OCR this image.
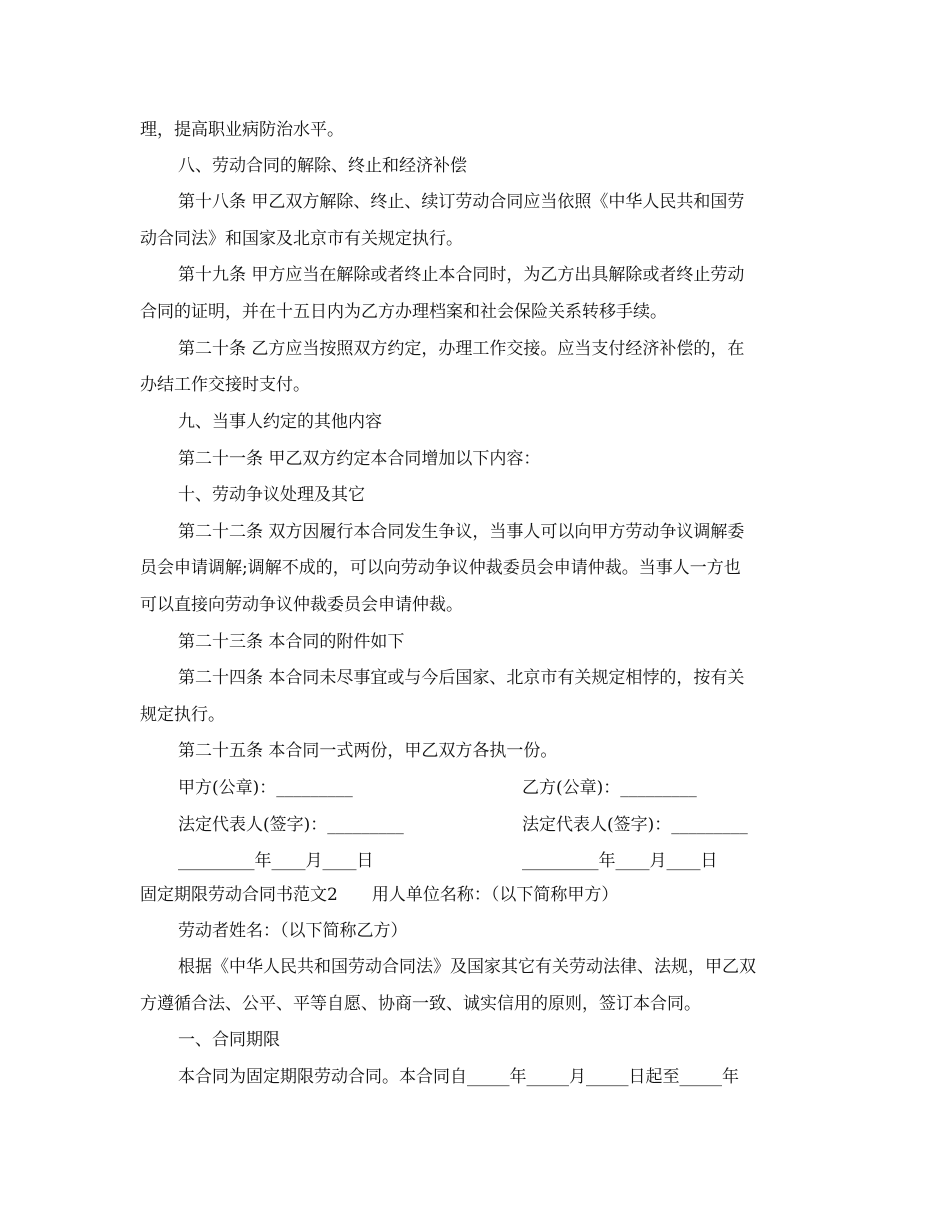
理，提高职业病防治水平。
八、劳动合同的解除、终止和经济补偿
第十八条 甲乙双方解除、终止、续订劳动合同应当依照《中华人民共和国劳
动合同法》和国家及北京市有关规定执行。
第十九条 甲方应当在解除或者终止本合同时，为乙方出具解除或者终止劳动
合同的证明，并在十五日内为乙方办理档案和社会保险关系转移手续。
第二十条 乙方应当按照双方约定，办理工作交接。应当支付经济补偿的，在
办结工作交接时支付。
九、当事人约定的其他内容
第二十一条 甲乙双方约定本合同增加以下内容：
十、劳动争议处理及其它
第二十二条 双方因履行本合同发生争议，当事人可以向甲方劳动争议调解委
员会申请调解;调解不成的，可以向劳动争议仲裁委员会申请仲裁。当事人一方也
可以直接向劳动争议仲裁委员会申请仲裁。
第二十三条 本合同的附件如下
第二十四条 本合同未尽事宜或与今后国家、北京市有关规定相悖的，按有关
规定执行。
第二十五条 本合同一式两份，甲乙双方各执一份。
甲方(公章)：_________	乙方(公章)：_________
法定代表人(签字)：_________	法定代表人(签字)：_________
_________年____月____日	_________年____月____日
固定期限劳动合同书范文2　　用人单位名称：（以下简称甲方）
劳动者姓名：（以下简称乙方）
根据《中华人民共和国劳动合同法》及国家其它有关劳动法律、法规，甲乙双
方遵循合法、公平、平等自愿、协商一致、诚实信用的原则，签订本合同。
一、合同期限
本合同为固定期限劳动合同。本合同自_____年_____月_____日起至_____年
